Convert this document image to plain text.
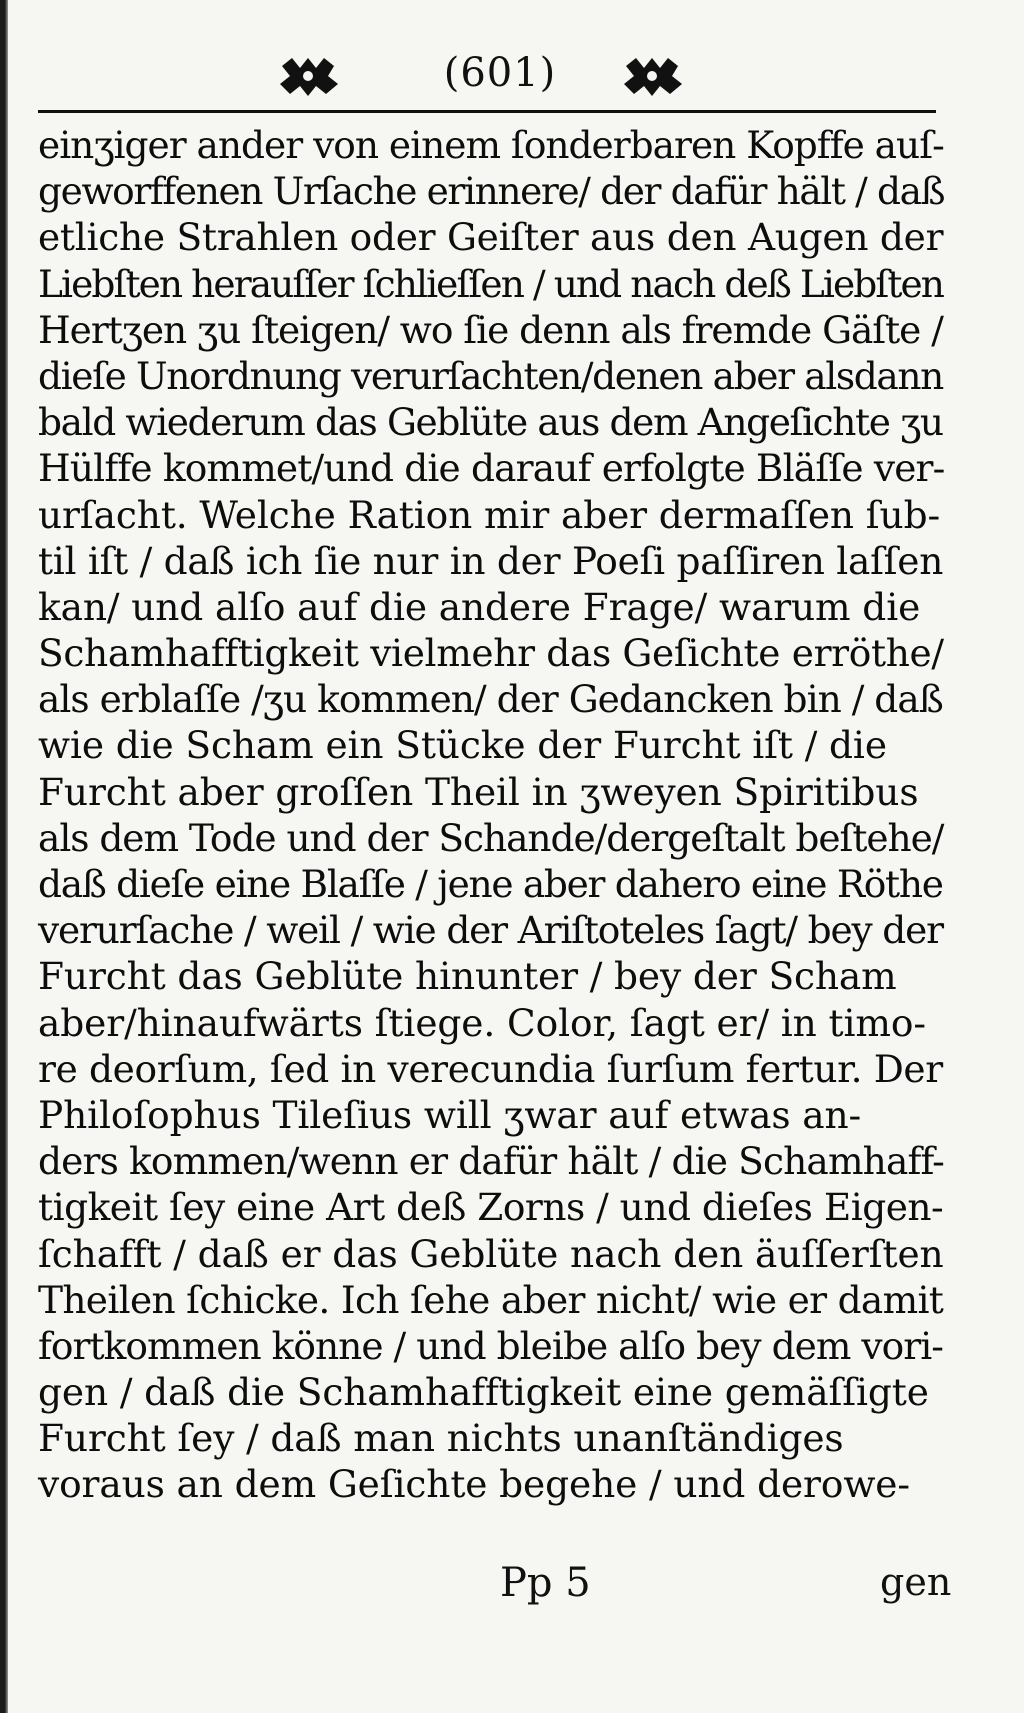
(601)
einʒiger ander von einem ſonderbaren Kopffe auſ-
geworffenen Urſache erinnere/ der dafür hält / daß
etliche Strahlen oder Geiſter aus den Augen der
Liebſten herauſſer ſchlieſſen / und nach deß Liebſten
Hertʒen ʒu ſteigen/ wo ſie denn als fremde Gäſte /
dieſe Unordnung verurſachten/denen aber alsdann
bald wiederum das Geblüte aus dem Angeſichte ʒu
Hülffe kommet/und die darauf erfolgte Bläſſe ver-
urſacht. Welche Ration mir aber dermaſſen ſub-
til iſt / daß ich ſie nur in der Poeſi paſſiren laſſen
kan/ und alſo auf die andere Frage/ warum die
Schamhafftigkeit vielmehr das Geſichte erröthe/
als erblaſſe /ʒu kommen/ der Gedancken bin / daß
wie die Scham ein Stücke der Furcht iſt / die
Furcht aber groſſen Theil in ʒweyen Spiritibus
als dem Tode und der Schande/dergeſtalt beſtehe/
daß dieſe eine Blaſſe / jene aber dahero eine Röthe
verurſache / weil / wie der Ariſtoteles ſagt/ bey der
Furcht das Geblüte hinunter / bey der Scham
aber/hinaufwärts ſtiege. Color, ſagt er/ in timo-
re deorſum, ſed in verecundia ſurſum fertur. Der
Philoſophus Tileſius will ʒwar auf etwas an-
ders kommen/wenn er dafür hält / die Schamhaff-
tigkeit ſey eine Art deß Zorns / und dieſes Eigen-
ſchafft / daß er das Geblüte nach den äuſſerſten
Theilen ſchicke. Ich ſehe aber nicht/ wie er damit
fortkommen könne / und bleibe alſo bey dem vori-
gen / daß die Schamhafftigkeit eine gemäſſigte
Furcht ſey / daß man nichts unanſtändiges
voraus an dem Geſichte begehe / und derowe-
Pp 5	gen
